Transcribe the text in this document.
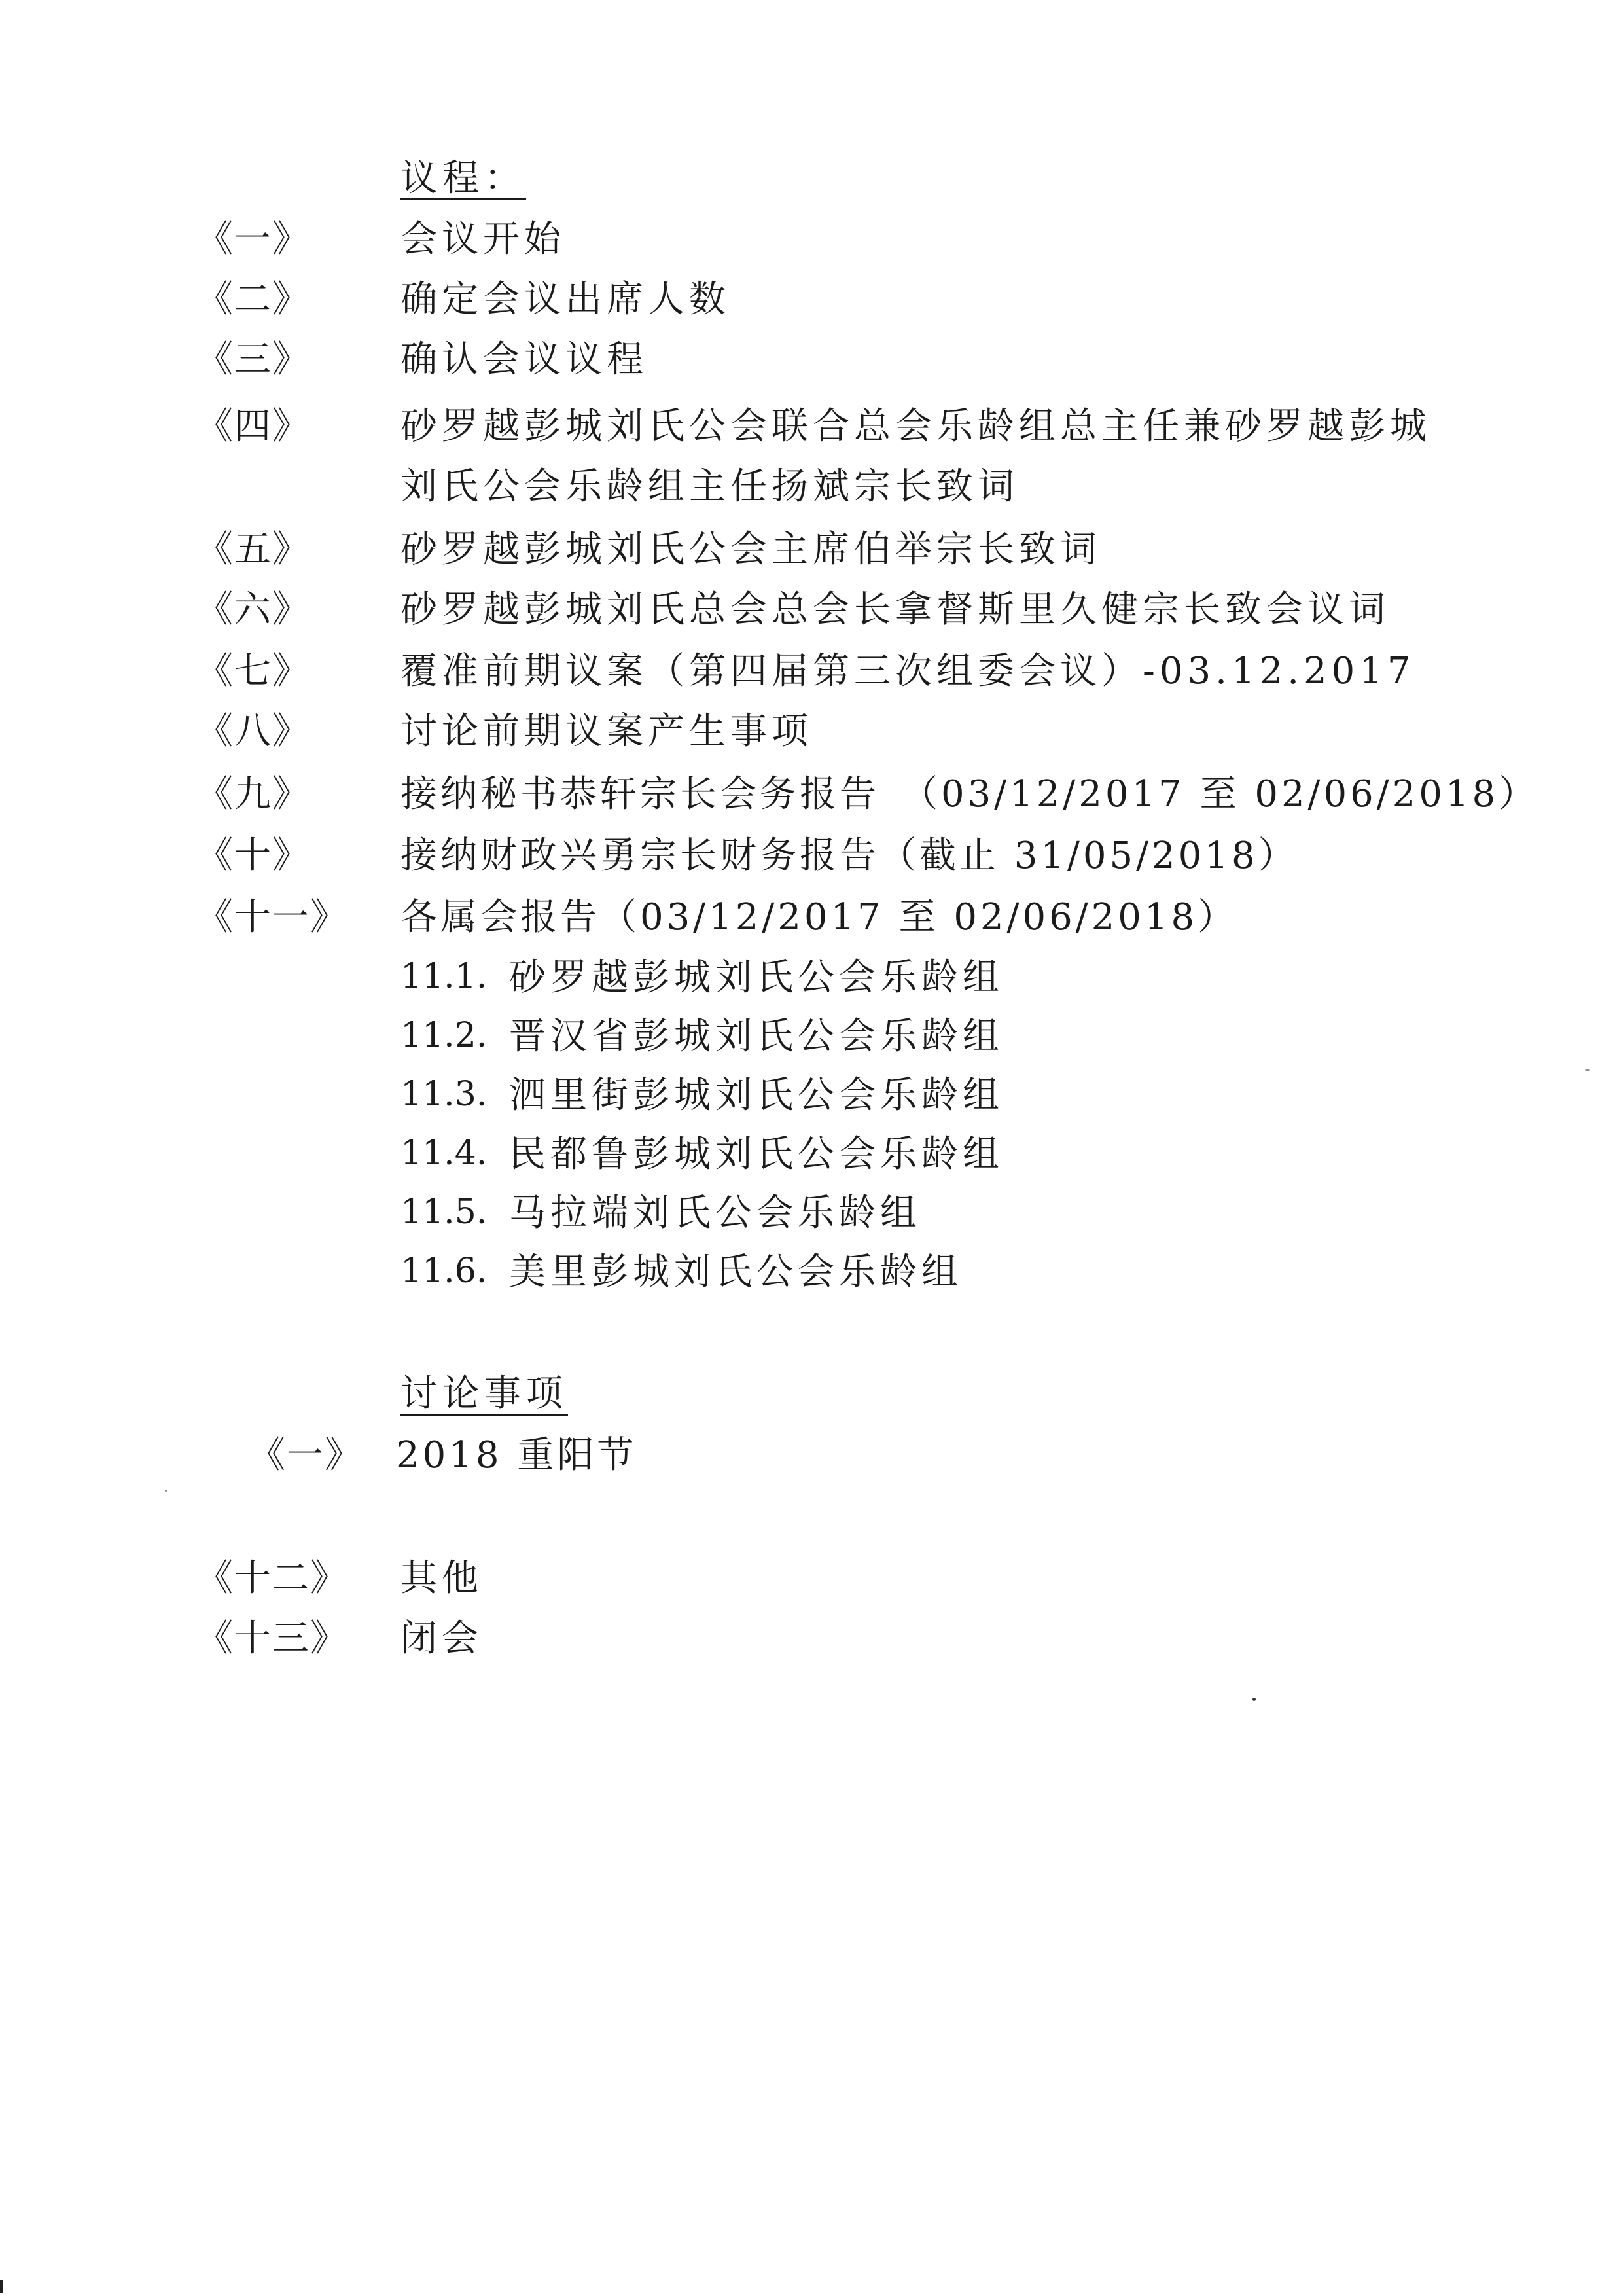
议程：
《一》 会议开始
《二》 确定会议出席人数
《三》 确认会议议程
《四》 砂罗越彭城刘氏公会联合总会乐龄组总主任兼砂罗越彭城
刘氏公会乐龄组主任扬斌宗长致词
《五》 砂罗越彭城刘氏公会主席伯举宗长致词
《六》 砂罗越彭城刘氏总会总会长拿督斯里久健宗长致会议词
《七》 覆准前期议案（第四届第三次组委会议）-03.12.2017
《八》 讨论前期议案产生事项
《九》 接纳秘书恭轩宗长会务报告　（03/12/2017 至 02/06/2018）
《十》 接纳财政兴勇宗长财务报告（截止 31/05/2018）
《十一》 各属会报告（03/12/2017 至 02/06/2018）
11.1. 砂罗越彭城刘氏公会乐龄组
11.2. 晋汉省彭城刘氏公会乐龄组
11.3. 泗里街彭城刘氏公会乐龄组
11.4. 民都鲁彭城刘氏公会乐龄组
11.5. 马拉端刘氏公会乐龄组
11.6. 美里彭城刘氏公会乐龄组
讨论事项
《一》 2018 重阳节
《十二》 其他
《十三》 闭会
